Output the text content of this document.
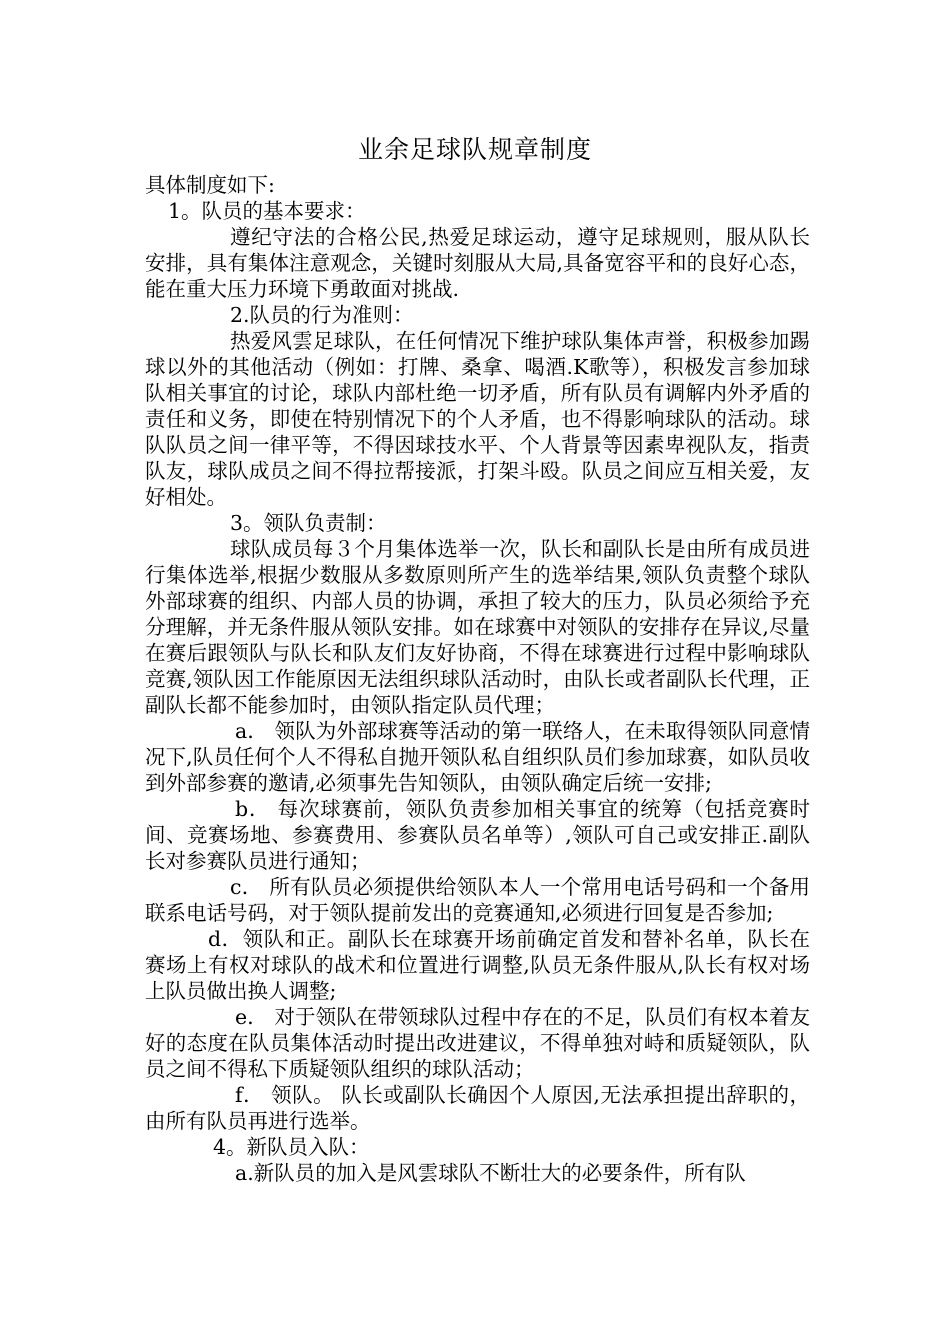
业余足球队规章制度

具体制度如下:

1。队员的基本要求：

遵纪守法的合格公民,热爱足球运动，遵守足球规则，服从队长安排，具有集体注意观念，关键时刻服从大局,具备宽容平和的良好心态，能在重大压力环境下勇敢面对挑战.

2.队员的行为准则：

热爱风雲足球队，在任何情况下维护球队集体声誉，积极参加踢球以外的其他活动（例如：打牌、桑拿、喝酒.K歌等），积极发言参加球队相关事宜的讨论，球队内部杜绝一切矛盾，所有队员有调解内外矛盾的责任和义务，即使在特别情况下的个人矛盾，也不得影响球队的活动。球队队员之间一律平等，不得因球技水平、个人背景等因素卑视队友，指责队友，球队成员之间不得拉帮接派，打架斗殴。队员之间应互相关爱，友好相处。

3。领队负责制：

球队成员每３个月集体选举一次，队长和副队长是由所有成员进行集体选举,根据少数服从多数原则所产生的选举结果,领队负责整个球队外部球赛的组织、内部人员的协调，承担了较大的压力，队员必须给予充分理解，并无条件服从领队安排。如在球赛中对领队的安排存在异议,尽量在赛后跟领队与队长和队友们友好协商，不得在球赛进行过程中影响球队竞赛,领队因工作能原因无法组织球队活动时，由队长或者副队长代理，正副队长都不能参加时，由领队指定队员代理；

a． 领队为外部球赛等活动的第一联络人，在未取得领队同意情况下,队员任何个人不得私自抛开领队私自组织队员们参加球赛，如队员收到外部参赛的邀请,必须事先告知领队，由领队确定后统一安排;

b． 每次球赛前，领队负责参加相关事宜的统筹（包括竞赛时间、竞赛场地、参赛费用、参赛队员名单等）,领队可自己或安排正.副队长对参赛队员进行通知；

c． 所有队员必须提供给领队本人一个常用电话号码和一个备用联系电话号码，对于领队提前发出的竞赛通知,必须进行回复是否参加;

d．领队和正。副队长在球赛开场前确定首发和替补名单，队长在赛场上有权对球队的战术和位置进行调整,队员无条件服从,队长有权对场上队员做出换人调整;

e． 对于领队在带领球队过程中存在的不足，队员们有权本着友好的态度在队员集体活动时提出改进建议，不得单独对峙和质疑领队，队员之间不得私下质疑领队组织的球队活动；

f． 领队。 队长或副队长确因个人原因,无法承担提出辞职的，由所有队员再进行选举。

4。新队员入队：

a.新队员的加入是风雲球队不断壮大的必要条件，所有队
